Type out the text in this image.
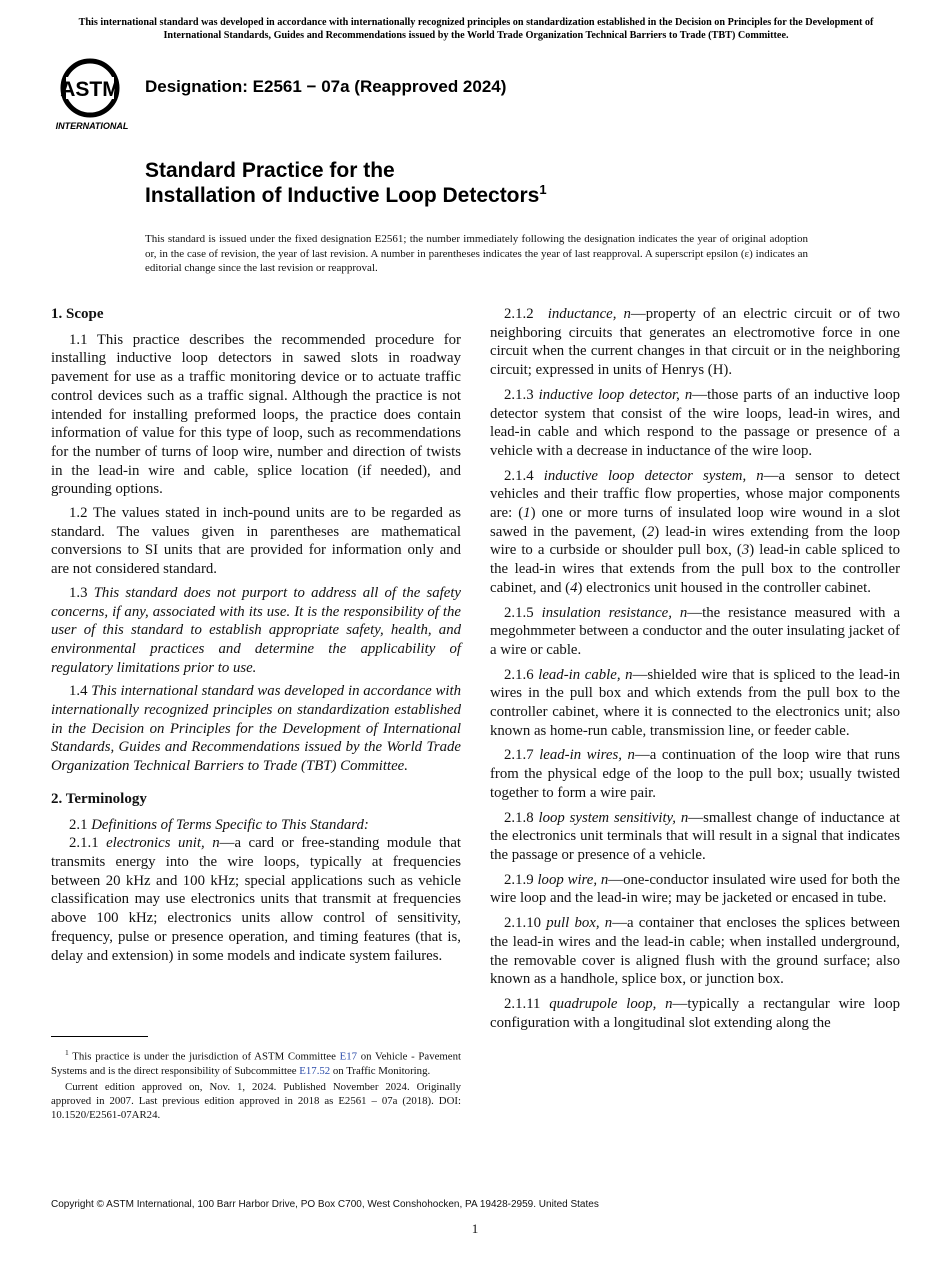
This international standard was developed in accordance with internationally recognized principles on standardization established in the Decision on Principles for the Development of International Standards, Guides and Recommendations issued by the World Trade Organization Technical Barriers to Trade (TBT) Committee.
ASTM
INTERNATIONAL
Designation: E2561 − 07a (Reapproved 2024)
Standard Practice for the
Installation of Inductive Loop Detectors$^1$
This standard is issued under the fixed designation E2561; the number immediately following the designation indicates the year of original adoption or, in the case of revision, the year of last revision. A number in parentheses indicates the year of last reapproval. A superscript epsilon (ε) indicates an editorial change since the last revision or reapproval.

1. Scope

1.1 This practice describes the recommended procedure for installing inductive loop detectors in sawed slots in roadway pavement for use as a traffic monitoring device or to actuate traffic control devices such as a traffic signal. Although the practice is not intended for installing preformed loops, the practice does contain information of value for this type of loop, such as recommendations for the number of turns of loop wire, number and direction of twists in the lead-in wire and cable, splice location (if needed), and grounding options.

1.2 The values stated in inch-pound units are to be regarded as standard. The values given in parentheses are mathematical conversions to SI units that are provided for information only and are not considered standard.

1.3 This standard does not purport to address all of the safety concerns, if any, associated with its use. It is the responsibility of the user of this standard to establish appropriate safety, health, and environmental practices and determine the applicability of regulatory limitations prior to use.

1.4 This international standard was developed in accordance with internationally recognized principles on standardization established in the Decision on Principles for the Development of International Standards, Guides and Recommendations issued by the World Trade Organization Technical Barriers to Trade (TBT) Committee.

2. Terminology

2.1 Definitions of Terms Specific to This Standard:

2.1.1 electronics unit, n—a card or free-standing module that transmits energy into the wire loops, typically at frequencies between 20 kHz and 100 kHz; special applications such as vehicle classification may use electronics units that transmit at frequencies above 100 kHz; electronics units allow control of sensitivity, frequency, pulse or presence operation, and timing features (that is, delay and extension) in some models and indicate system failures.

$^1$ This practice is under the jurisdiction of ASTM Committee E17 on Vehicle - Pavement Systems and is the direct responsibility of Subcommittee E17.52 on Traffic Monitoring.

Current edition approved on, Nov. 1, 2024. Published November 2024. Originally approved in 2007. Last previous edition approved in 2018 as E2561 – 07a (2018). DOI: 10.1520/E2561-07AR24.

2.1.2 inductance, n—property of an electric circuit or of two neighboring circuits that generates an electromotive force in one circuit when the current changes in that circuit or in the neighboring circuit; expressed in units of Henrys (H).

2.1.3 inductive loop detector, n—those parts of an inductive loop detector system that consist of the wire loops, lead-in wires, and lead-in cable and which respond to the passage or presence of a vehicle with a decrease in inductance of the wire loop.

2.1.4 inductive loop detector system, n—a sensor to detect vehicles and their traffic flow properties, whose major components are: (1) one or more turns of insulated loop wire wound in a slot sawed in the pavement, (2) lead-in wires extending from the loop wire to a curbside or shoulder pull box, (3) lead-in cable spliced to the lead-in wires that extends from the pull box to the controller cabinet, and (4) electronics unit housed in the controller cabinet.

2.1.5 insulation resistance, n—the resistance measured with a megohmmeter between a conductor and the outer insulating jacket of a wire or cable.

2.1.6 lead-in cable, n—shielded wire that is spliced to the lead-in wires in the pull box and which extends from the pull box to the controller cabinet, where it is connected to the electronics unit; also known as home-run cable, transmission line, or feeder cable.

2.1.7 lead-in wires, n—a continuation of the loop wire that runs from the physical edge of the loop to the pull box; usually twisted together to form a wire pair.

2.1.8 loop system sensitivity, n—smallest change of inductance at the electronics unit terminals that will result in a signal that indicates the passage or presence of a vehicle.

2.1.9 loop wire, n—one-conductor insulated wire used for both the wire loop and the lead-in wire; may be jacketed or encased in tube.

2.1.10 pull box, n—a container that encloses the splices between the lead-in wires and the lead-in cable; when installed underground, the removable cover is aligned flush with the ground surface; also known as a handhole, splice box, or junction box.

2.1.11 quadrupole loop, n—typically a rectangular wire loop configuration with a longitudinal slot extending along the

Copyright © ASTM International, 100 Barr Harbor Drive, PO Box C700, West Conshohocken, PA 19428-2959. United States
1
